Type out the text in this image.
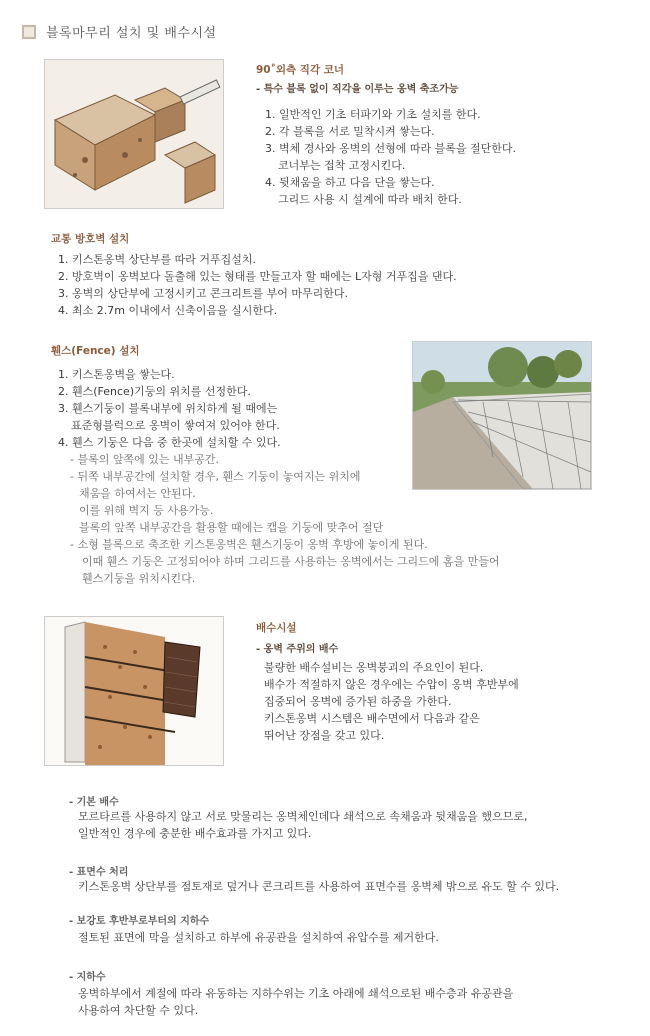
블록마무리 설치 및 배수시설
90˚외측 직각 코너
- 특수 블록 없이 직각을 이루는 옹벽 축조가능
1. 일반적인 기초 터파기와 기초 설치를 한다.
2. 각 블록을 서로 밀착시켜 쌓는다.
3. 벽체 경사와 옹벽의 선형에 따라 블록을 절단한다.
코너부는 접착 고정시킨다.
4. 뒷채움을 하고 다음 단을 쌓는다.
그리드 사용 시 설계에 따라 배치 한다.
교통 방호벽 설치
1. 키스톤옹벽 상단부를 따라 거푸집설치.
2. 방호벽이 옹벽보다 돌출해 있는 형태를 만들고자 할 때에는 L자형 거푸집을 댄다.
3. 옹벽의 상단부에 고정시키고 콘크리트를 부어 마무리한다.
4. 최소 2.7m 이내에서 신축이음을 실시한다.
휀스(Fence) 설치
1. 키스톤옹벽을 쌓는다.
2. 휀스(Fence)기둥의 위치를 선정한다.
3. 휀스기둥이 블록내부에 위치하게 될 때에는
표준형블럭으로 옹벽이 쌓여져 있어야 한다.
4. 휀스 기둥은 다음 중 한곳에 설치할 수 있다.
- 블록의 앞쪽에 있는 내부공간.
- 뒤쪽 내부공간에 설치할 경우, 휀스 기둥이 놓여지는 위치에
채움을 하여서는 안된다.
이를 위해 벽지 등 사용가능.
블록의 앞쪽 내부공간을 활용할 때에는 캡을 기둥에 맞추어 절단
- 소형 블록으로 축조한 키스톤옹벽은 휀스기둥이 옹벽 후방에 놓이게 된다.
이때 휀스 기둥은 고정되어야 하며 그리드를 사용하는 옹벽에서는 그리드에 홈을 만들어
휀스기둥을 위치시킨다.
배수시설
- 옹벽 주위의 배수
불량한 배수설비는 옹벽붕괴의 주요인이 된다.
배수가 적절하지 않은 경우에는 수압이 옹벽 후반부에
집중되어 옹벽에 증가된 하중을 가한다.
키스톤옹벽 시스템은 배수면에서 다음과 같은
뛰어난 장점을 갖고 있다.
- 기본 배수
모르타르를 사용하지 않고 서로 맞물리는 옹벽체인데다 쇄석으로 속채움과 뒷채움을 했으므로,
일반적인 경우에 충분한 배수효과를 가지고 있다.
- 표면수 처리
키스톤옹벽 상단부를 점토재로 덮거나 콘크리트를 사용하여 표면수를 옹벽체 밖으로 유도 할 수 있다.
- 보강토 후반부로부터의 지하수
절토된 표면에 막을 설치하고 하부에 유공관을 설치하여 유압수를 제거한다.
- 지하수
옹벽하부에서 계절에 따라 유동하는 지하수위는 기초 아래에 쇄석으로된 배수층과 유공관을
사용하여 차단할 수 있다.
